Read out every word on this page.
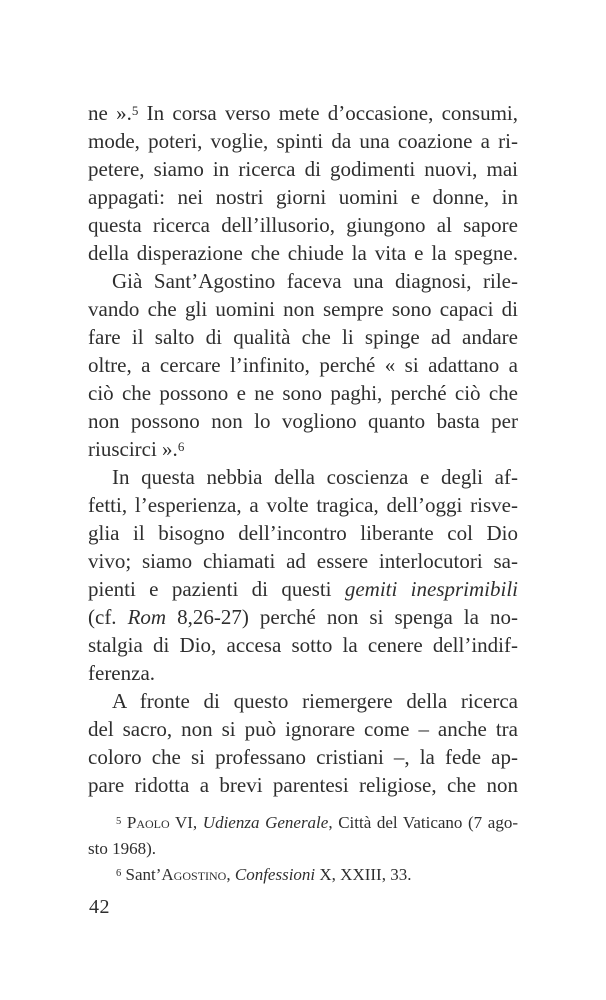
ne ».$^5$ In corsa verso mete d’occasione, consumi,
mode, poteri, voglie, spinti da una coazione a ri-
petere, siamo in ricerca di godimenti nuovi, mai
appagati: nei nostri giorni uomini e donne, in
questa ricerca dell’illusorio, giungono al sapore
della disperazione che chiude la vita e la spegne.
Già Sant’Agostino faceva una diagnosi, rile-
vando che gli uomini non sempre sono capaci di
fare il salto di qualità che li spinge ad andare
oltre, a cercare l’infinito, perché « si adattano a
ciò che possono e ne sono paghi, perché ciò che
non possono non lo vogliono quanto basta per
riuscirci ».$^6$
In questa nebbia della coscienza e degli af-
fetti, l’esperienza, a volte tragica, dell’oggi risve-
glia il bisogno dell’incontro liberante col Dio
vivo; siamo chiamati ad essere interlocutori sa-
pienti e pazienti di questi gemiti inesprimibili
(cf. Rom 8,26-27) perché non si spenga la no-
stalgia di Dio, accesa sotto la cenere dell’indif-
ferenza.
A fronte di questo riemergere della ricerca
del sacro, non si può ignorare come – anche tra
coloro che si professano cristiani –, la fede ap-
pare ridotta a brevi parentesi religiose, che non
$^5$ Paolo VI, Udienza Generale, Città del Vaticano (7 ago-
sto 1968).
$^6$ Sant’Agostino, Confessioni X, XXIII, 33.
42
